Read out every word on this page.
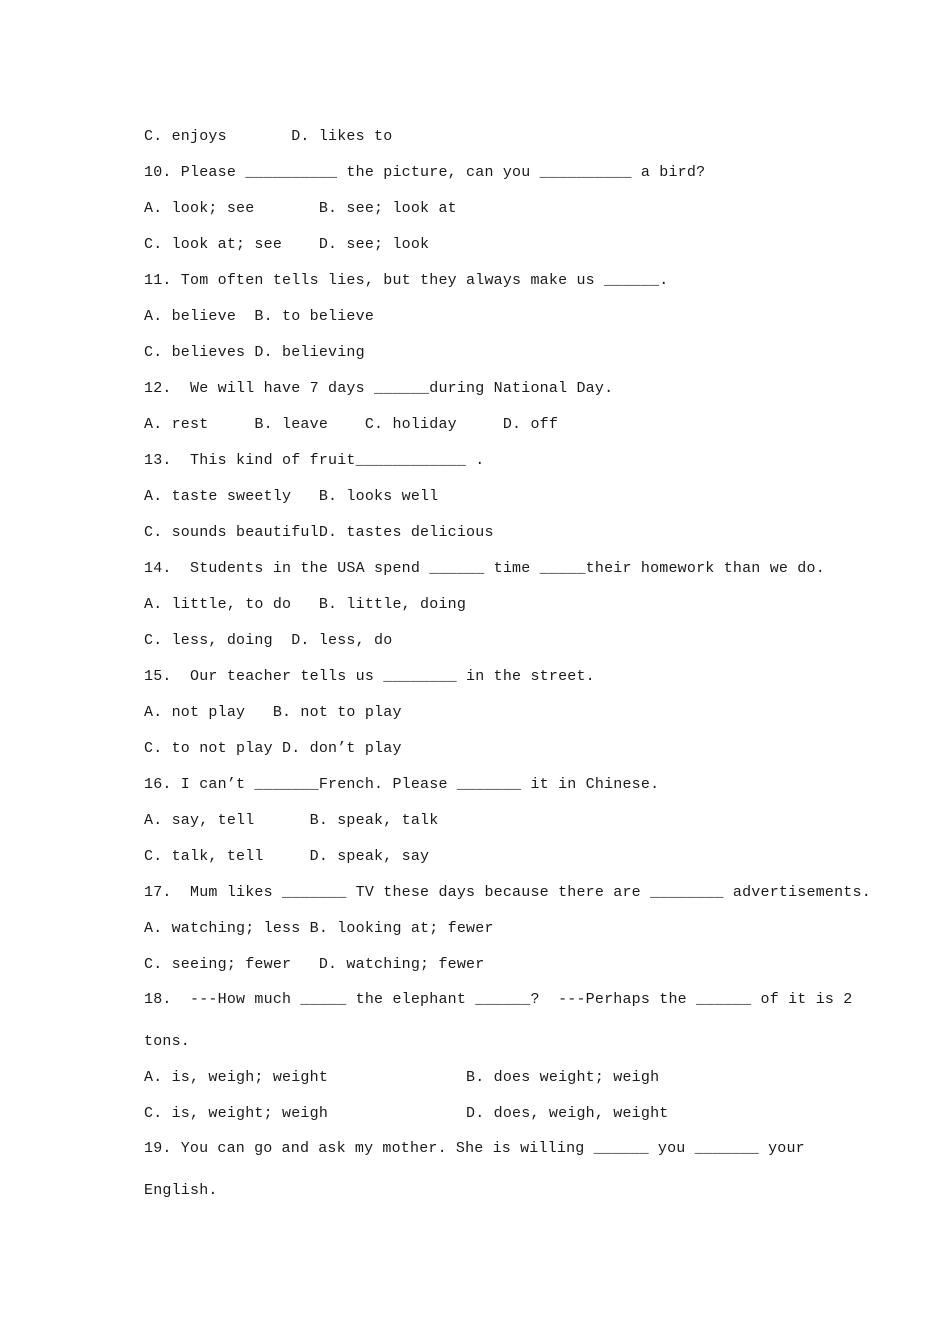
C. enjoys       D. likes to
10. Please __________ the picture, can you __________ a bird?
A. look; see       B. see; look at
C. look at; see    D. see; look
11. Tom often tells lies, but they always make us ______.
A. believe  B. to believe
C. believes D. believing
12.  We will have 7 days ______during National Day.
A. rest     B. leave    C. holiday     D. off
13.  This kind of fruit____________ .
A. taste sweetly   B. looks well
C. sounds beautifulD. tastes delicious
14.  Students in the USA spend ______ time _____their homework than we do.
A. little, to do   B. little, doing
C. less, doing  D. less, do
15.  Our teacher tells us ________ in the street.
A. not play   B. not to play
C. to not play D. don’t play
16. I can’t _______French. Please _______ it in Chinese.
A. say, tell      B. speak, talk
C. talk, tell     D. speak, say
17.  Mum likes _______ TV these days because there are ________ advertisements.
A. watching; less B. looking at; fewer
C. seeing; fewer   D. watching; fewer
18.  ---How much _____ the elephant ______?  ---Perhaps the ______ of it is 2
tons.
A. is, weigh; weight               B. does weight; weigh
C. is, weight; weigh               D. does, weigh, weight
19. You can go and ask my mother. She is willing ______ you _______ your
English.
